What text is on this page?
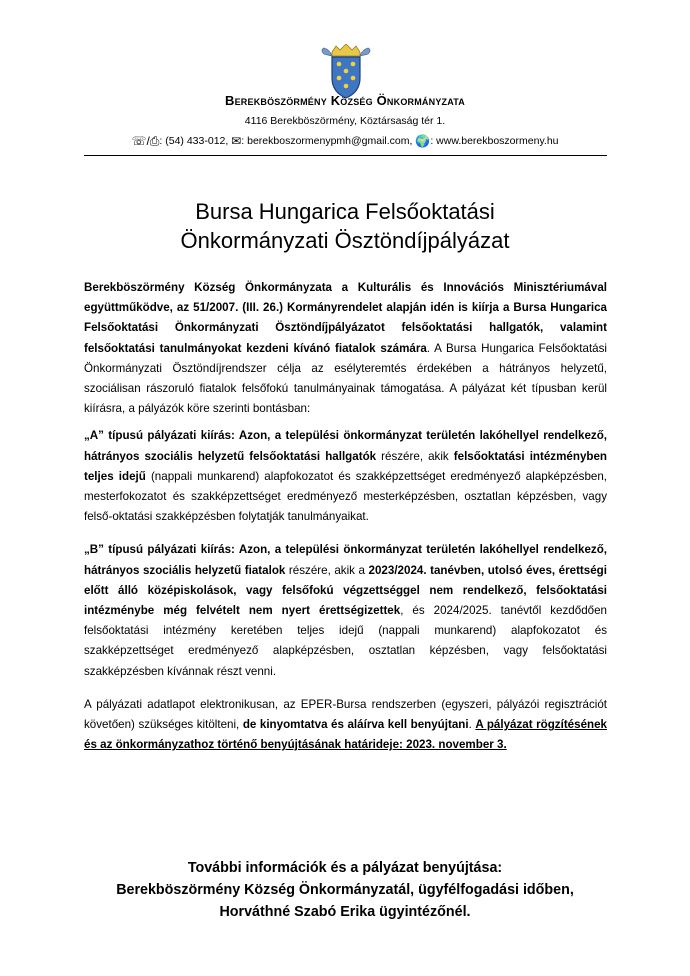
Berekböszörmény Község Önkormányzata
4116 Berekböszörmény, Köztársaság tér 1.
☏/⎙: (54) 433-012, ✉: berekboszormenypmh@gmail.com, 🌍: www.berekboszormeny.hu
Bursa Hungarica Felsőoktatási
Önkormányzati Ösztöndíjpályázat

Berekböszörmény Község Önkormányzata a Kulturális és Innovációs Minisztériumával együttműködve, az 51/2007. (III. 26.) Kormányrendelet alapján idén is kiírja a Bursa Hungarica Felsőoktatási Önkormányzati Ösztöndíjpályázatot felsőoktatási hallgatók, valamint felsőoktatási tanulmányokat kezdeni kívánó fiatalok számára. A Bursa Hungarica Felsőoktatási Önkormányzati Ösztöndíjrendszer célja az esélyteremtés érdekében a hátrányos helyzetű, szociálisan rászoruló fiatalok felsőfokú tanulmányainak támogatása. A pályázat két típusban kerül kiírásra, a pályázók köre szerinti bontásban:

„A” típusú pályázati kiírás: Azon, a települési önkormányzat területén lakóhellyel rendelkező, hátrányos szociális helyzetű felsőoktatási hallgatók részére, akik felsőoktatási intézményben teljes idejű (nappali munkarend) alapfokozatot és szakképzettséget eredményező alapképzésben, mesterfokozatot és szakképzettséget eredményező mesterképzésben, osztatlan képzésben, vagy felső-oktatási szakképzésben folytatják tanulmányaikat.

„B” típusú pályázati kiírás: Azon, a települési önkormányzat területén lakóhellyel rendelkező, hátrányos szociális helyzetű fiatalok részére, akik a 2023/2024. tanévben, utolsó éves, érettségi előtt álló középiskolások, vagy felsőfokú végzettséggel nem rendelkező, felsőoktatási intézménybe még felvételt nem nyert érettségizettek, és 2024/2025. tanévtől kezdődően felsőoktatási intézmény keretében teljes idejű (nappali munkarend) alapfokozatot és szakképzettséget eredményező alapképzésben, osztatlan képzésben, vagy felsőoktatási szakképzésben kívánnak részt venni.

A pályázati adatlapot elektronikusan, az EPER-Bursa rendszerben (egyszeri, pályázói regisztrációt követően) szükséges kitölteni, de kinyomtatva és aláírva kell benyújtani. A pályázat rögzítésének és az önkormányzathoz történő benyújtásának határideje: 2023. november 3.

További információk és a pályázat benyújtása:
Berekböszörmény Község Önkormányzatál, ügyfélfogadási időben,
Horváthné Szabó Erika ügyintézőnél.
